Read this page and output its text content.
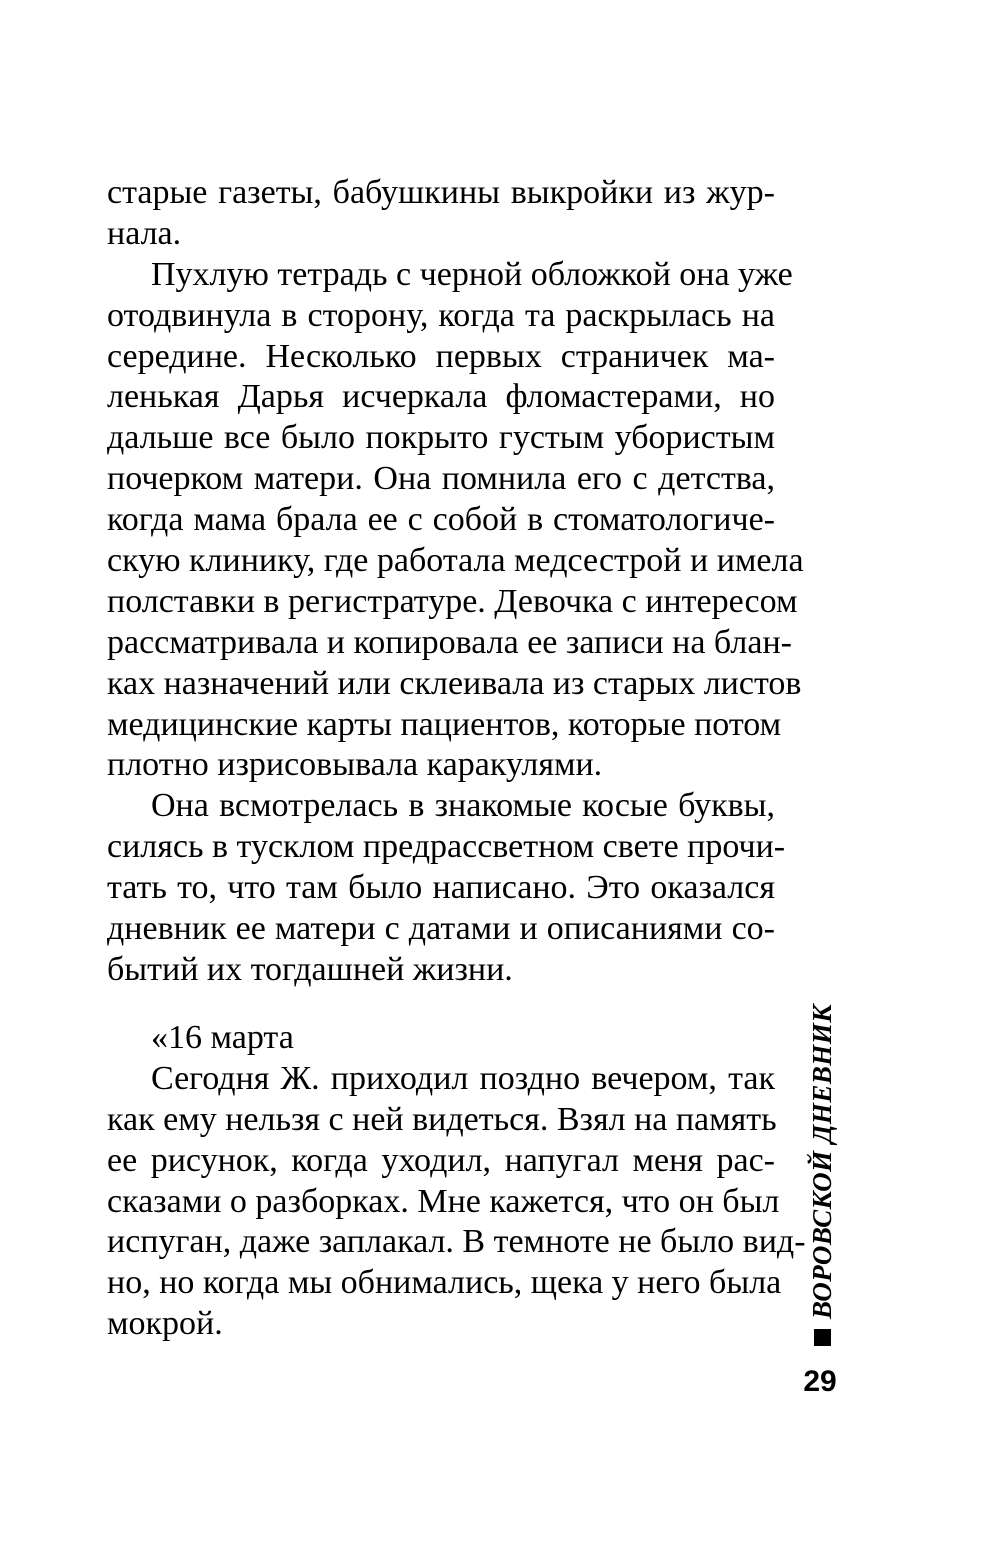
старые газеты, бабушкины выкройки из жур-
нала.
Пухлую тетрадь с черной обложкой она уже
отодвинула в сторону, когда та раскрылась на
середине. Несколько первых страничек ма-
ленькая Дарья исчеркала фломастерами, но
дальше все было покрыто густым убористым
почерком матери. Она помнила его с детства,
когда мама брала ее с собой в стоматологиче-
скую клинику, где работала медсестрой и имела
полставки в регистратуре. Девочка с интересом
рассматривала и копировала ее записи на блан-
ках назначений или склеивала из старых листов
медицинские карты пациентов, которые потом
плотно изрисовывала каракулями.
Она всмотрелась в знакомые косые буквы,
силясь в тусклом предрассветном свете прочи-
тать то, что там было написано. Это оказался
дневник ее матери с датами и описаниями со-
бытий их тогдашней жизни.
«16 марта
Сегодня Ж. приходил поздно вечером, так
как ему нельзя с ней видеться. Взял на память
ее рисунок, когда уходил, напугал меня рас-
сказами о разборках. Мне кажется, что он был
испуган, даже заплакал. В темноте не было вид-
но, но когда мы обнимались, щека у него была
мокрой.
ВОРОВСКОЙ ДНЕВНИК
29
